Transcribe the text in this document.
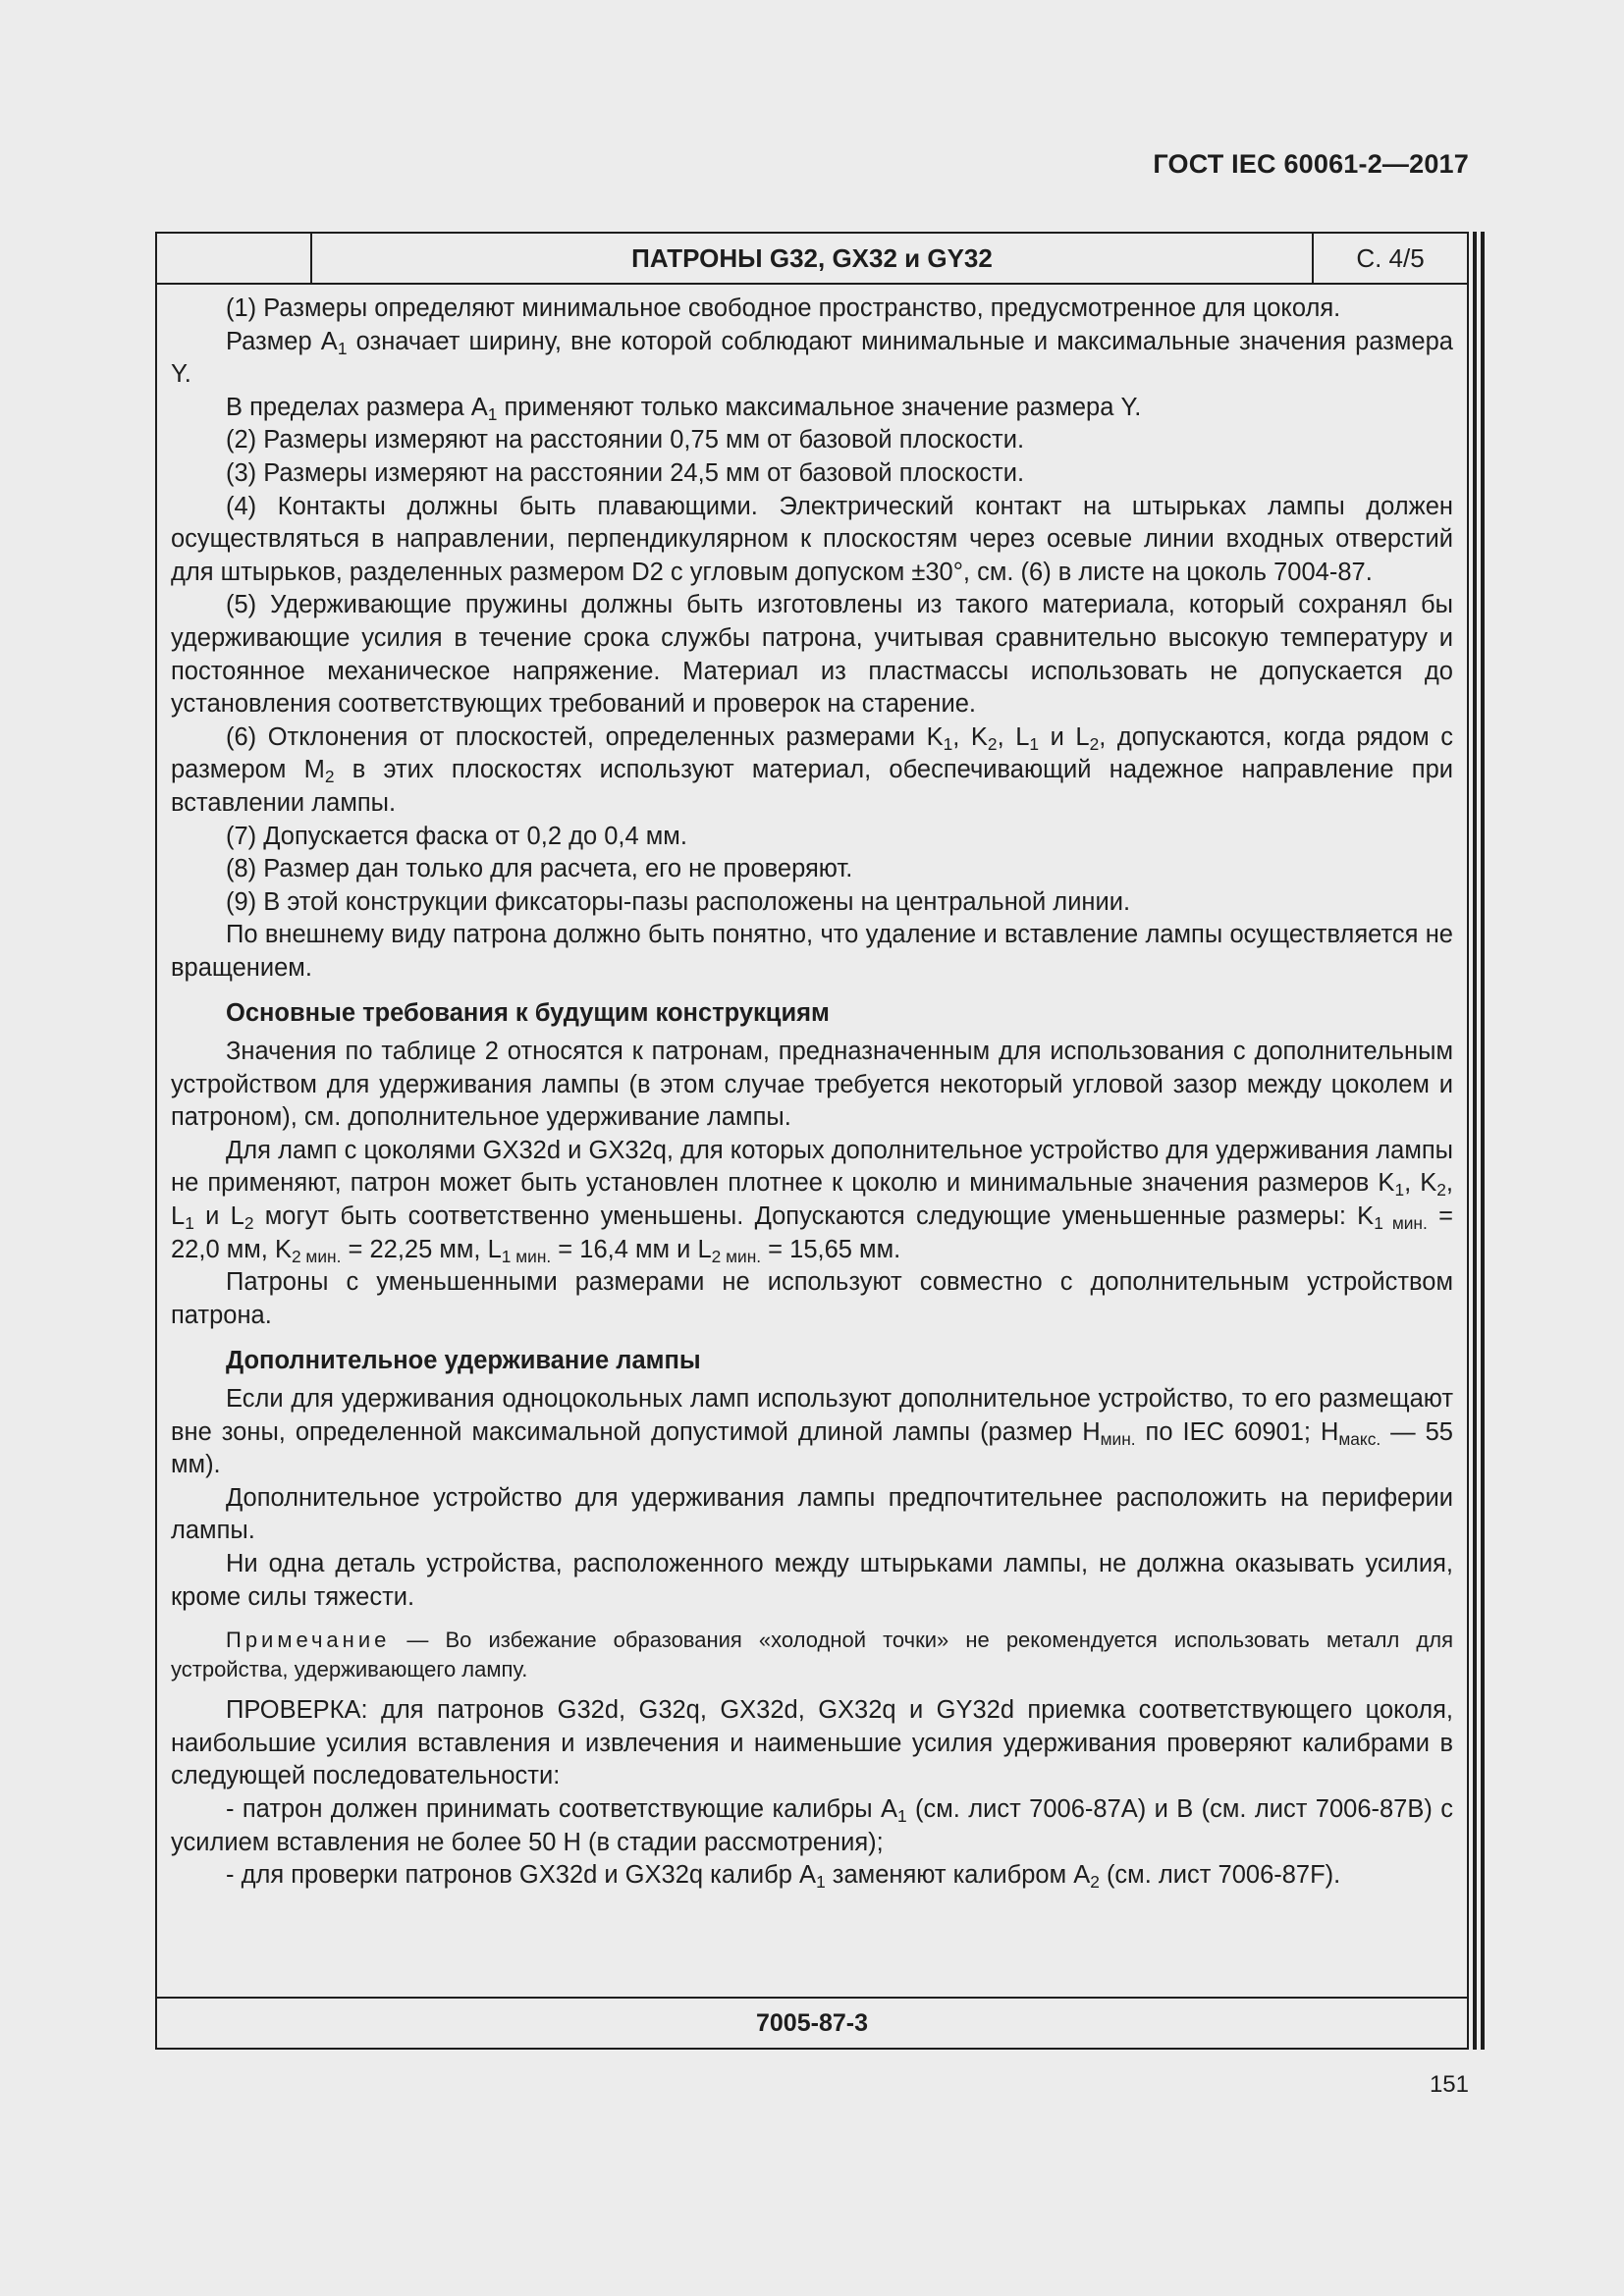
ГОСТ IEC 60061-2—2017
ПАТРОНЫ G32, GX32 и GY32	С. 4/5

(1) Размеры определяют минимальное свободное пространство, предусмотренное для цоколя.

Размер $A_1$ означает ширину, вне которой соблюдают минимальные и максимальные значения размера Y.

В пределах размера $A_1$ применяют только максимальное значение размера Y.

(2) Размеры измеряют на расстоянии 0,75 мм от базовой плоскости.

(3) Размеры измеряют на расстоянии 24,5 мм от базовой плоскости.

(4) Контакты должны быть плавающими. Электрический контакт на штырьках лампы должен осуществляться в направлении, перпендикулярном к плоскостям через осевые линии входных отверстий для штырьков, разделенных размером D2 с угловым допуском ±30°, см. (6) в листе на цоколь 7004-87.

(5) Удерживающие пружины должны быть изготовлены из такого материала, который сохранял бы удерживающие усилия в течение срока службы патрона, учитывая сравнительно высокую температуру и постоянное механическое напряжение. Материал из пластмассы использовать не допускается до установления соответствующих требований и проверок на старение.

(6) Отклонения от плоскостей, определенных размерами $K_1$, $K_2$, $L_1$ и $L_2$, допускаются, когда рядом с размером $M_2$ в этих плоскостях используют материал, обеспечивающий надежное направление при вставлении лампы.

(7) Допускается фаска от 0,2 до 0,4 мм.

(8) Размер дан только для расчета, его не проверяют.

(9) В этой конструкции фиксаторы-пазы расположены на центральной линии.

По внешнему виду патрона должно быть понятно, что удаление и вставление лампы осуществляется не вращением.

Основные требования к будущим конструкциям

Значения по таблице 2 относятся к патронам, предназначенным для использования с дополнительным устройством для удерживания лампы (в этом случае требуется некоторый угловой зазор между цоколем и патроном), см. дополнительное удерживание лампы.

Для ламп с цоколями GX32d и GX32q, для которых дополнительное устройство для удерживания лампы не применяют, патрон может быть установлен плотнее к цоколю и минимальные значения размеров $K_1$, $K_2$, $L_1$ и $L_2$ могут быть соответственно уменьшены. Допускаются следующие уменьшенные размеры: $K_{1 мин.} = 22,0$ мм, $K_{2 мин.} = 22,25$ мм, $L_{1 мин.} = 16,4$ мм и $L_{2 мин.} = 15,65$ мм.

Патроны с уменьшенными размерами не используют совместно с дополнительным устройством патрона.

Дополнительное удерживание лампы

Если для удерживания одноцокольных ламп используют дополнительное устройство, то его размещают вне зоны, определенной максимальной допустимой длиной лампы (размер $H_{мин.}$ по IEC 60901; $H_{макс.}$ — 55 мм).

Дополнительное устройство для удерживания лампы предпочтительнее расположить на периферии лампы.

Ни одна деталь устройства, расположенного между штырьками лампы, не должна оказывать усилия, кроме силы тяжести.

Примечание — Во избежание образования «холодной точки» не рекомендуется использовать металл для устройства, удерживающего лампу.

ПРОВЕРКА: для патронов G32d, G32q, GX32d, GX32q и GY32d приемка соответствующего цоколя, наибольшие усилия вставления и извлечения и наименьшие усилия удерживания проверяют калибрами в следующей последовательности:

- патрон должен принимать соответствующие калибры $A_1$ (см. лист 7006-87A) и B (см. лист 7006-87B) с усилием вставления не более 50 Н (в стадии рассмотрения);

- для проверки патронов GX32d и GX32q калибр $A_1$ заменяют калибром $A_2$ (см. лист 7006-87F).

7005-87-3
151
